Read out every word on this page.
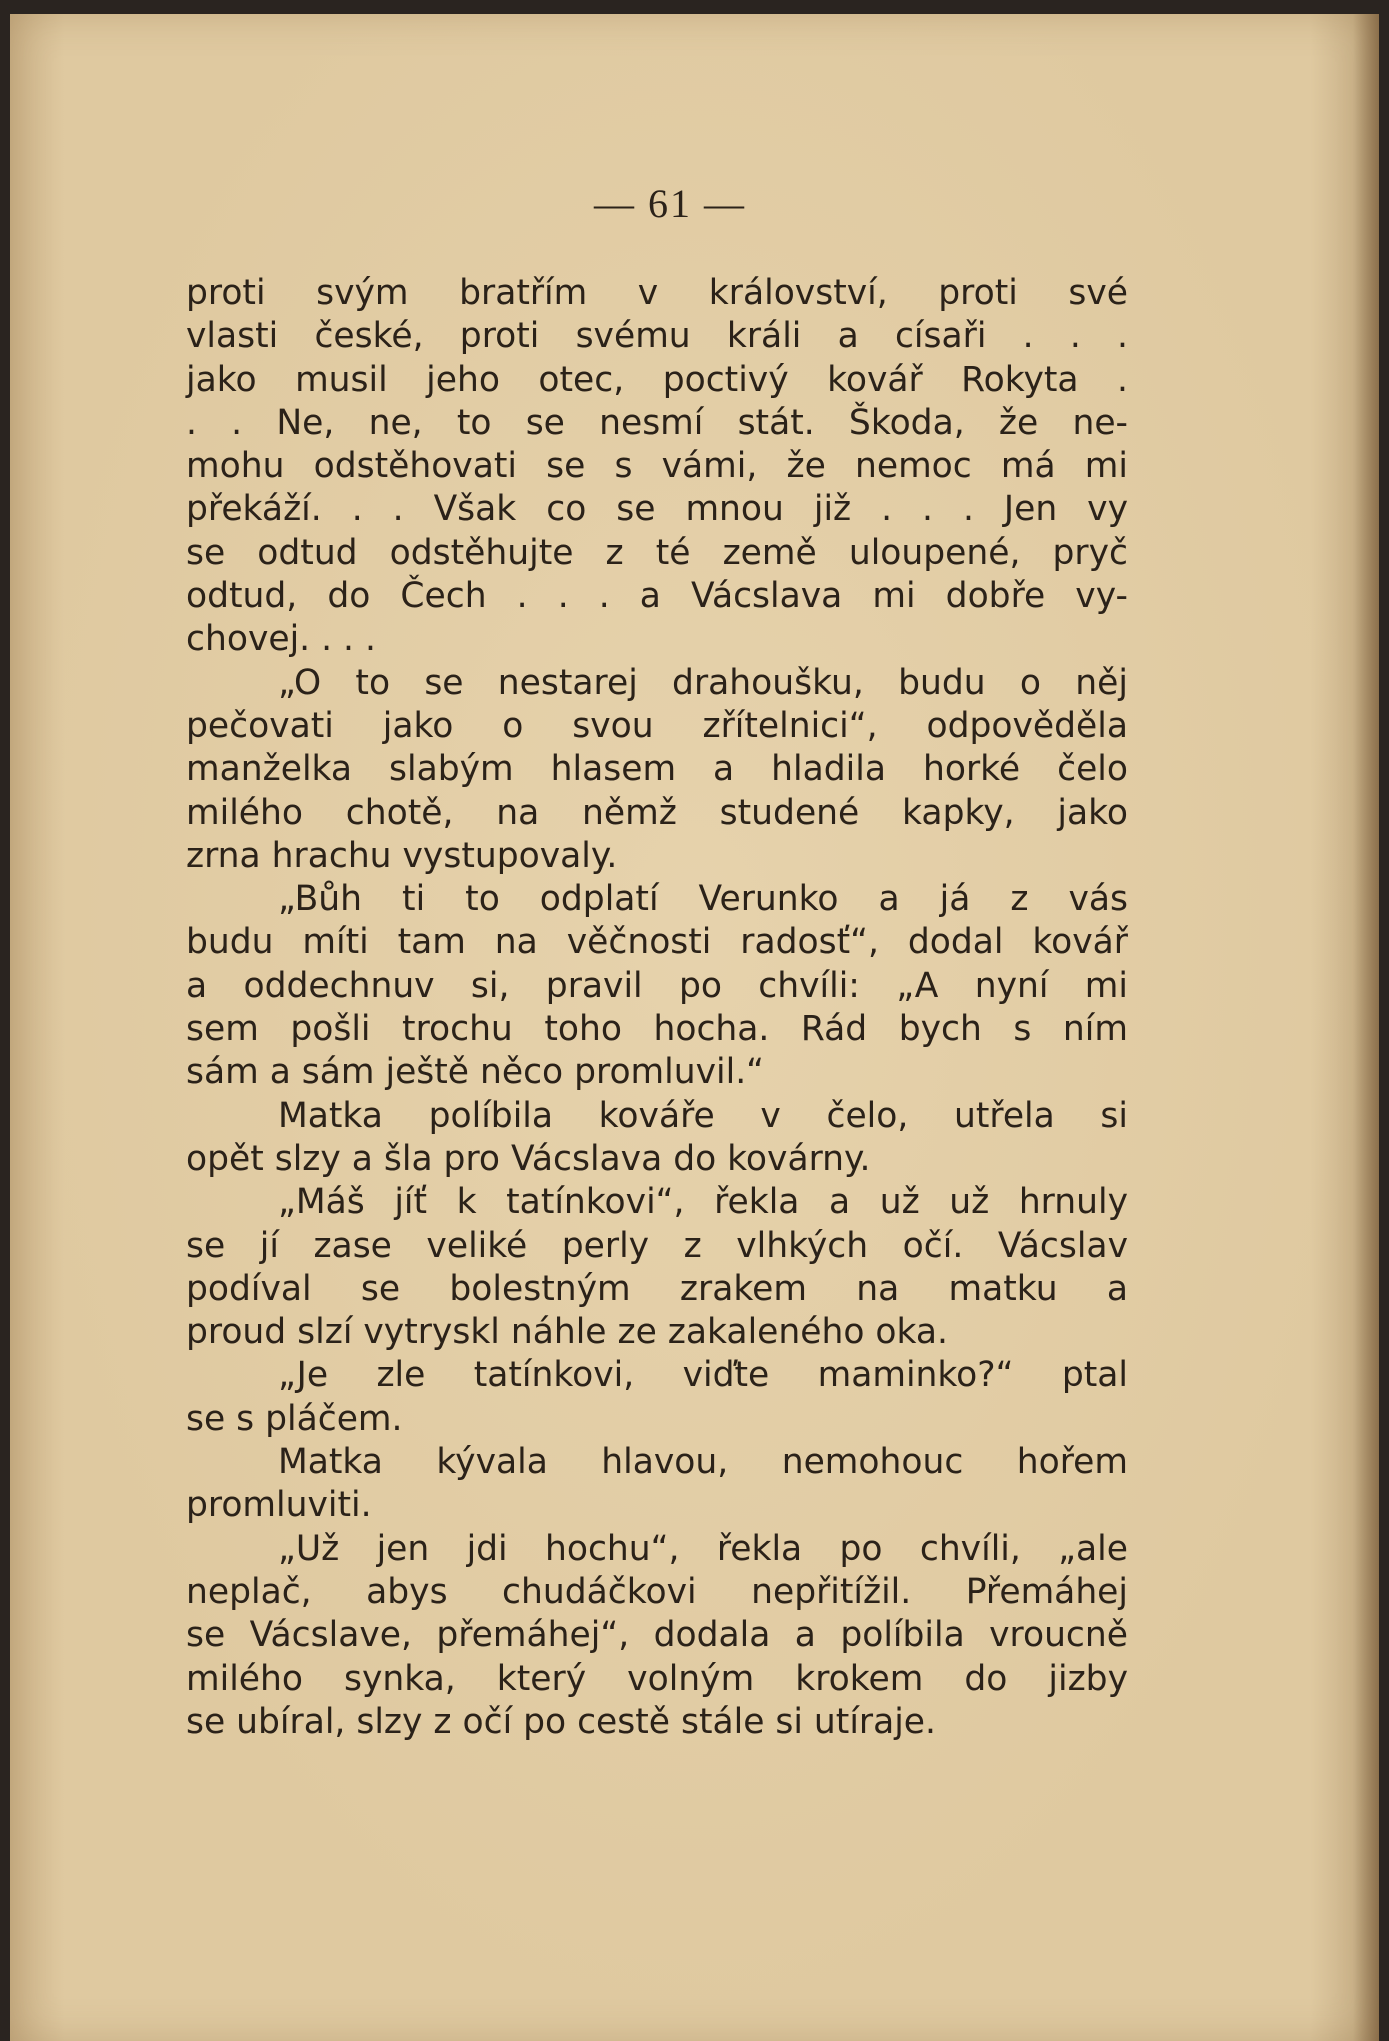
— 61 —
proti svým bratřím v království, proti své
vlasti české, proti svému králi a císaři . . .
jako musil jeho otec, poctivý kovář Rokyta .
. . Ne, ne, to se nesmí stát. Škoda, že ne-
mohu odstěhovati se s vámi, že nemoc má mi
překáží. . . Však co se mnou již . . . Jen vy
se odtud odstěhujte z té země uloupené, pryč
odtud, do Čech . . . a Vácslava mi dobře vy-
chovej. . . .
„O to se nestarej drahoušku, budu o něj
pečovati jako o svou zřítelnici“, odpověděla
manželka slabým hlasem a hladila horké čelo
milého chotě, na němž studené kapky, jako
zrna hrachu vystupovaly.
„Bůh ti to odplatí Verunko a já z vás
budu míti tam na věčnosti radosť“, dodal kovář
a oddechnuv si, pravil po chvíli: „A nyní mi
sem pošli trochu toho hocha. Rád bych s ním
sám a sám ještě něco promluvil.“
Matka políbila kováře v čelo, utřela si
opět slzy a šla pro Vácslava do kovárny.
„Máš jíť k tatínkovi“, řekla a už už hrnuly
se jí zase veliké perly z vlhkých očí. Vácslav
podíval se bolestným zrakem na matku a
proud slzí vytryskl náhle ze zakaleného oka.
„Je zle tatínkovi, viďte maminko?“ ptal
se s pláčem.
Matka kývala hlavou, nemohouc hořem
promluviti.
„Už jen jdi hochu“, řekla po chvíli, „ale
neplač, abys chudáčkovi nepřitížil. Přemáhej
se Vácslave, přemáhej“, dodala a políbila vroucně
milého synka, který volným krokem do jizby
se ubíral, slzy z očí po cestě stále si utíraje.
